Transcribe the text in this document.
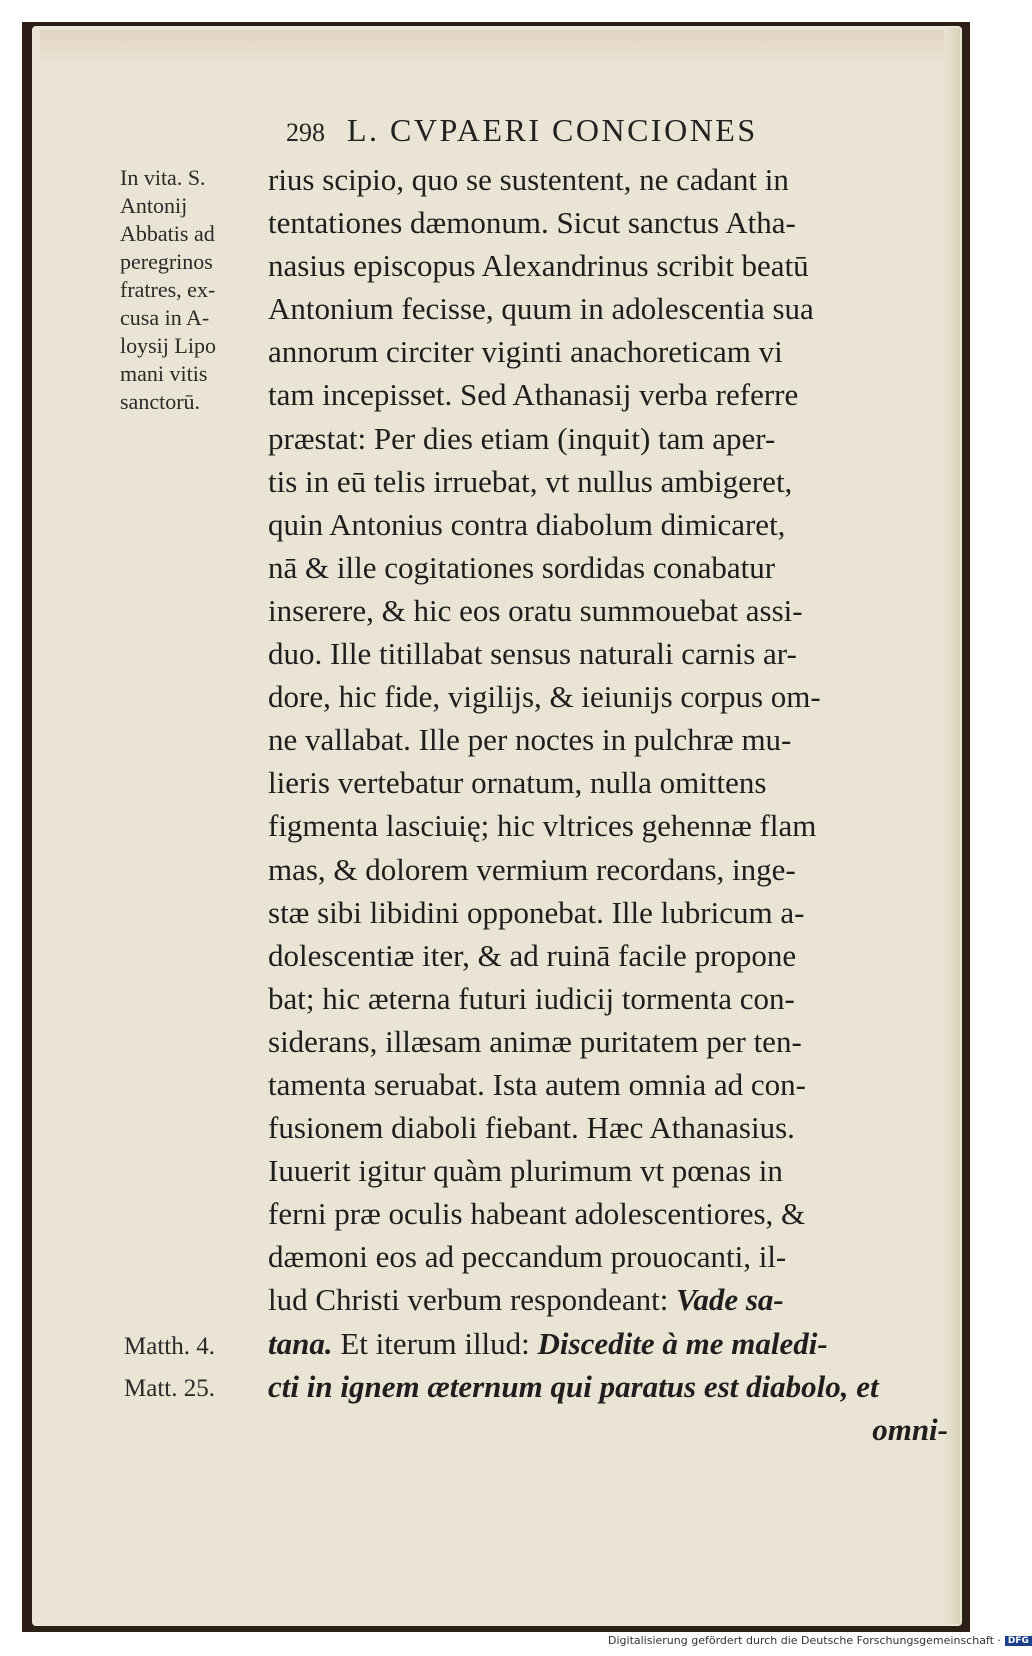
298 L. CVPAERI CONCIONES
In vita. S.
Antonij
Abbatis ad
peregrinos
fratres, ex-
cusa in A-
loysij Lipo
mani vitis
sanctorū.
Matth. 4.
Matt. 25.
rius scipio, quo se sustentent, ne cadant in
tentationes dæmonum. Sicut sanctus Atha-
nasius episcopus Alexandrinus scribit beatū
Antonium fecisse, quum in adolescentia sua
annorum circiter viginti anachoreticam vi
tam incepisset. Sed Athanasij verba referre
præstat: Per dies etiam (inquit) tam aper-
tis in eū telis irruebat, vt nullus ambigeret,
quin Antonius contra diabolum dimicaret,
nā & ille cogitationes sordidas conabatur
inserere, & hic eos oratu summouebat assi-
duo. Ille titillabat sensus naturali carnis ar-
dore, hic fide, vigilijs, & ieiunijs corpus om-
ne vallabat. Ille per noctes in pulchræ mu-
lieris vertebatur ornatum, nulla omittens
figmenta lasciuię; hic vltrices gehennæ flam
mas, & dolorem vermium recordans, inge-
stæ sibi libidini opponebat. Ille lubricum a-
dolescentiæ iter, & ad ruinā facile propone
bat; hic æterna futuri iudicij tormenta con-
siderans, illæsam animæ puritatem per ten-
tamenta seruabat. Ista autem omnia ad con-
fusionem diaboli fiebant. Hæc Athanasius.
Iuuerit igitur quàm plurimum vt pœnas in
ferni præ oculis habeant adolescentiores, &
dæmoni eos ad peccandum prouocanti, il-
lud Christi verbum respondeant: Vade sa-
tana. Et iterum illud: Discedite à me maledi-
cti in ignem æternum qui paratus est diabolo, et
omni-
Digitalisierung gefördert durch die Deutsche Forschungsgemeinschaft · DFG
